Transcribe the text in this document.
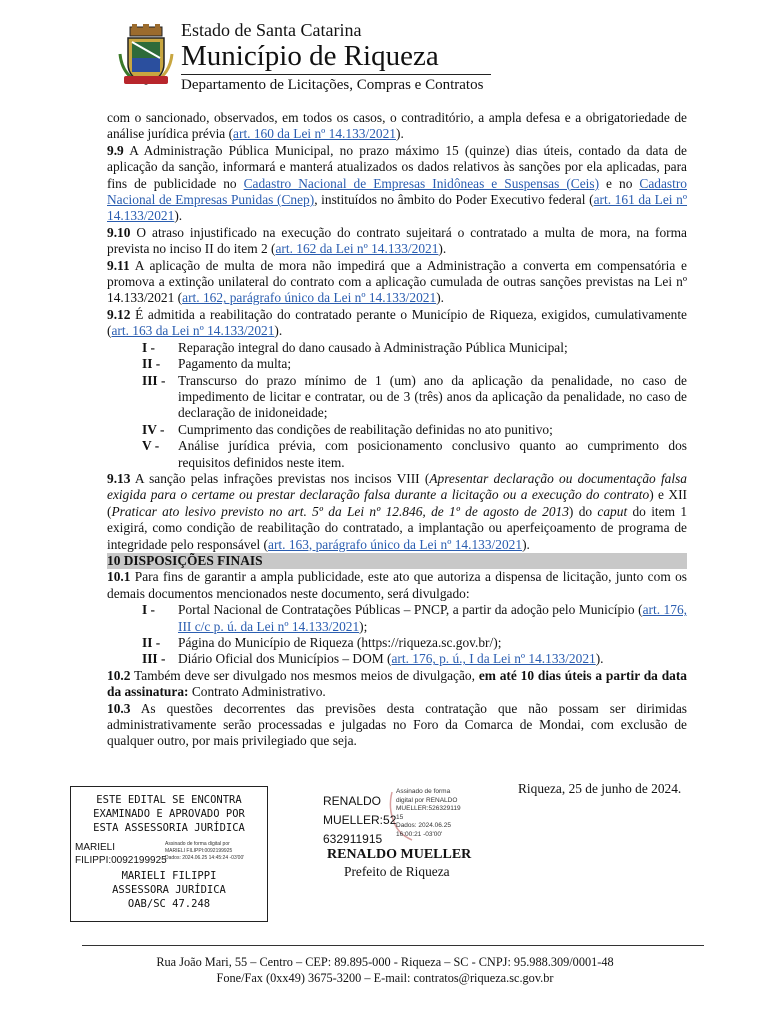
Estado de Santa Catarina
Município de Riqueza
Departamento de Licitações, Compras e Contratos

com o sancionado, observados, em todos os casos, o contraditório, a ampla defesa e a obrigatoriedade de análise jurídica prévia (art. 160 da Lei nº 14.133/2021).

9.9 A Administração Pública Municipal, no prazo máximo 15 (quinze) dias úteis, contado da data de aplicação da sanção, informará e manterá atualizados os dados relativos às sanções por ela aplicadas, para fins de publicidade no Cadastro Nacional de Empresas Inidôneas e Suspensas (Ceis) e no Cadastro Nacional de Empresas Punidas (Cnep), instituídos no âmbito do Poder Executivo federal (art. 161 da Lei nº 14.133/2021).

9.10 O atraso injustificado na execução do contrato sujeitará o contratado a multa de mora, na forma prevista no inciso II do item 2 (art. 162 da Lei nº 14.133/2021).

9.11 A aplicação de multa de mora não impedirá que a Administração a converta em compensatória e promova a extinção unilateral do contrato com a aplicação cumulada de outras sanções previstas na Lei nº 14.133/2021 (art. 162, parágrafo único da Lei nº 14.133/2021).

9.12 É admitida a reabilitação do contratado perante o Município de Riqueza, exigidos, cumulativamente (art. 163 da Lei nº 14.133/2021).

I -	Reparação integral do dano causado à Administração Pública Municipal;
II -	Pagamento da multa;
III - Transcurso do prazo mínimo de 1 (um) ano da aplicação da penalidade, no caso de impedimento de licitar e contratar, ou de 3 (três) anos da aplicação da penalidade, no caso de declaração de inidoneidade;
IV -	Cumprimento das condições de reabilitação definidas no ato punitivo;
V -	Análise jurídica prévia, com posicionamento conclusivo quanto ao cumprimento dos requisitos definidos neste item.

9.13 A sanção pelas infrações previstas nos incisos VIII (Apresentar declaração ou documentação falsa exigida para o certame ou prestar declaração falsa durante a licitação ou a execução do contrato) e XII (Praticar ato lesivo previsto no art. 5º da Lei nº 12.846, de 1º de agosto de 2013) do caput do item 1 exigirá, como condição de reabilitação do contratado, a implantação ou aperfeiçoamento de programa de integridade pelo responsável (art. 163, parágrafo único da Lei nº 14.133/2021).

10 DISPOSIÇÕES FINAIS

10.1 Para fins de garantir a ampla publicidade, este ato que autoriza a dispensa de licitação, junto com os demais documentos mencionados neste documento, será divulgado:

I -	Portal Nacional de Contratações Públicas – PNCP, a partir da adoção pelo Município (art. 176, III c/c p. ú. da Lei nº 14.133/2021);
II -	Página do Município de Riqueza (https://riqueza.sc.gov.br/);
III - Diário Oficial dos Municípios – DOM (art. 176, p. ú., I da Lei nº 14.133/2021).

10.2 Também deve ser divulgado nos mesmos meios de divulgação, em até 10 dias úteis a partir da data da assinatura: Contrato Administrativo.

10.3 As questões decorrentes das previsões desta contratação que não possam ser dirimidas administrativamente serão processadas e julgadas no Foro da Comarca de Mondai, com exclusão de qualquer outro, por mais privilegiado que seja.

ESTE EDITAL SE ENCONTRA
EXAMINADO E APROVADO POR
ESTA ASSESSORIA JURÍDICA
MARIELI
FILIPPI:0092199925
Assinado de forma digital por
MARIELI FILIPPI:0092199925
Dados: 2024.06.25 14:45:24 -03'00'
MARIELI FILIPPI
ASSESSORA JURÍDICA
OAB/SC 47.248
Riqueza, 25 de junho de 2024.
RENALDO
MUELLER:52
632911915
Assinado de forma
digital por RENALDO
MUELLER:526329119
15
Dados: 2024.06.25
16:00:21 -03'00'
RENALDO MUELLER
Prefeito de Riqueza
Rua João Mari, 55 – Centro – CEP: 89.895-000 - Riqueza – SC - CNPJ: 95.988.309/0001-48
Fone/Fax (0xx49) 3675-3200 – E-mail: contratos@riqueza.sc.gov.br
